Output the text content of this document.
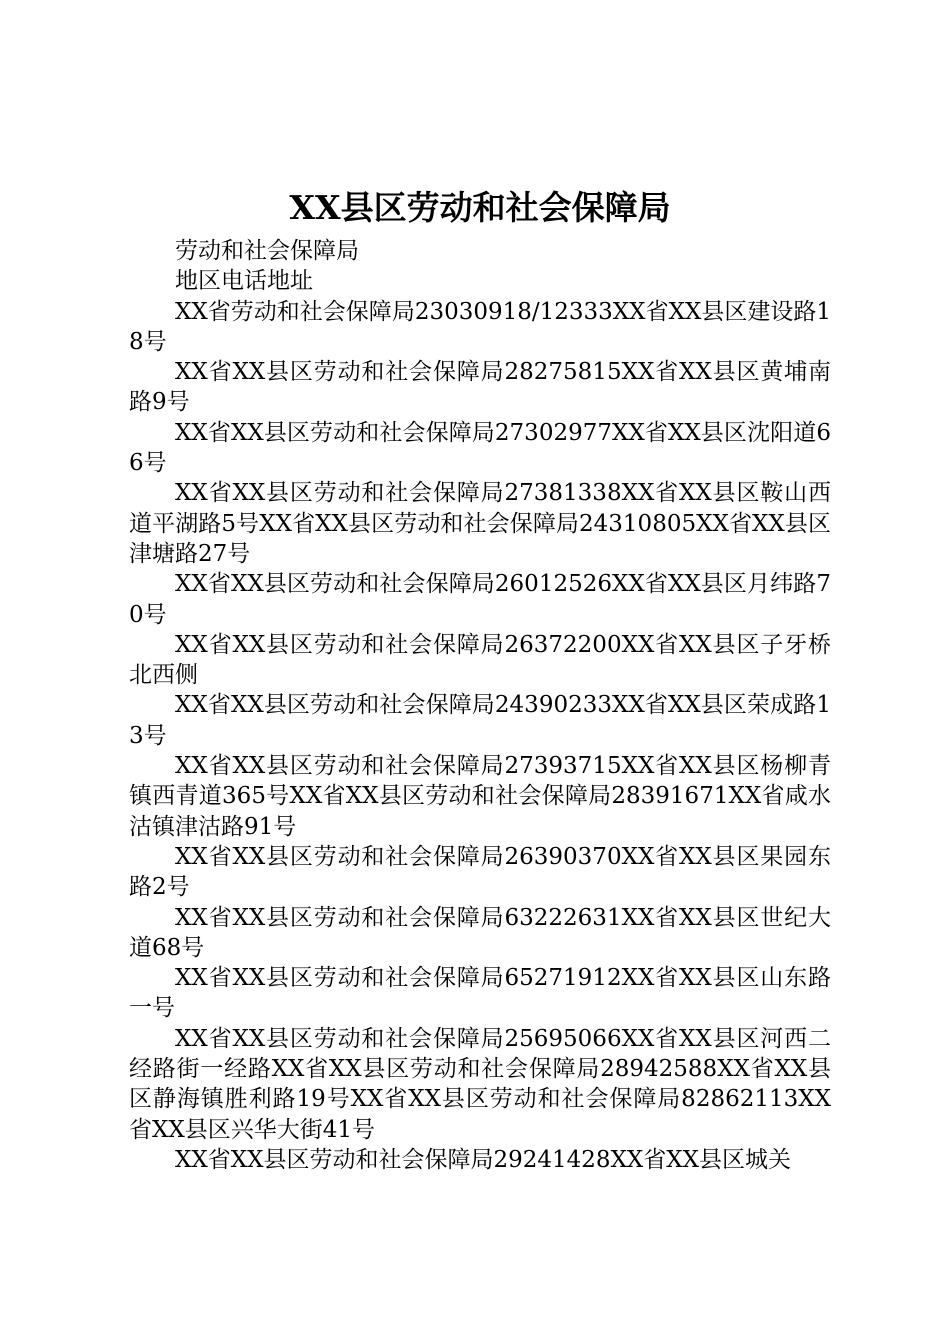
XX县区劳动和社会保障局

劳动和社会保障局

地区电话地址

XX省劳动和社会保障局23030918/12333XX省XX县区建设路18号

XX省XX县区劳动和社会保障局28275815XX省XX县区黄埔南路9号

XX省XX县区劳动和社会保障局27302977XX省XX县区沈阳道66号

XX省XX县区劳动和社会保障局27381338XX省XX县区鞍山西道平湖路5号XX省XX县区劳动和社会保障局24310805XX省XX县区津塘路27号

XX省XX县区劳动和社会保障局26012526XX省XX县区月纬路70号

XX省XX县区劳动和社会保障局26372200XX省XX县区子牙桥北西侧

XX省XX县区劳动和社会保障局24390233XX省XX县区荣成路13号

XX省XX县区劳动和社会保障局27393715XX省XX县区杨柳青镇西青道365号XX省XX县区劳动和社会保障局28391671XX省咸水沽镇津沽路91号

XX省XX县区劳动和社会保障局26390370XX省XX县区果园东路2号

XX省XX县区劳动和社会保障局63222631XX省XX县区世纪大道68号

XX省XX县区劳动和社会保障局65271912XX省XX县区山东路一号

XX省XX县区劳动和社会保障局25695066XX省XX县区河西二经路街一经路XX省XX县区劳动和社会保障局28942588XX省XX县区静海镇胜利路19号XX省XX县区劳动和社会保障局82862113XX省XX县区兴华大街41号

XX省XX县区劳动和社会保障局29241428XX省XX县区城关
